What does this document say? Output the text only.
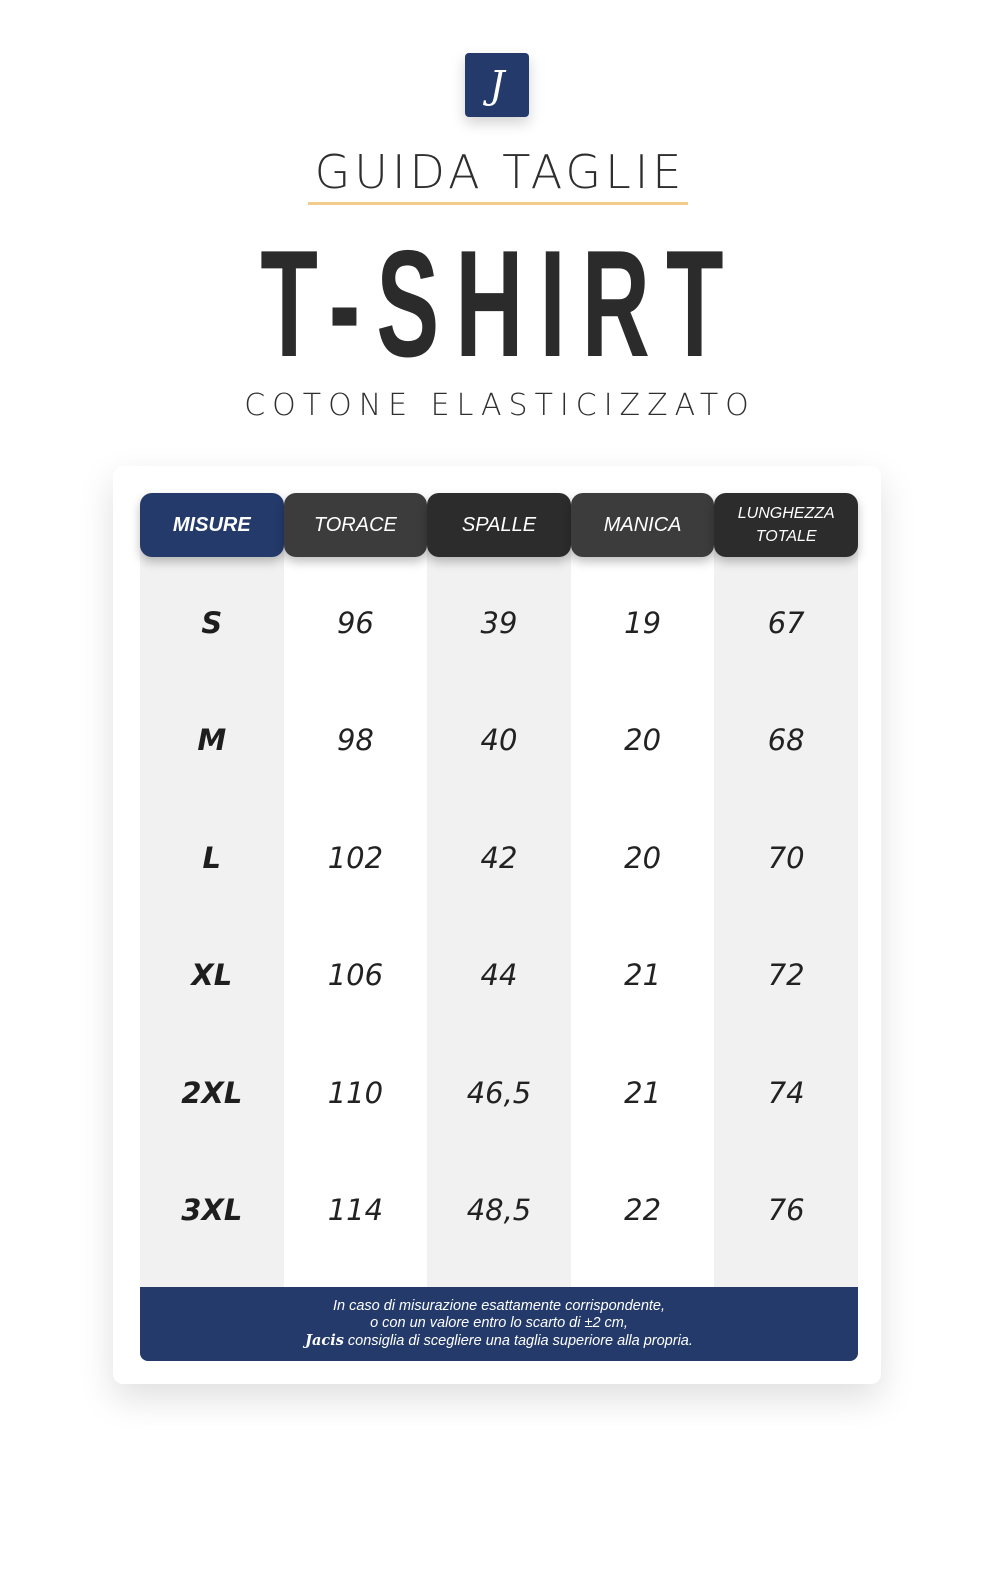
J
GUIDA TAGLIE
T-SHIRT
COTONE ELASTICIZZATO
MISURE	TORACE	SPALLE	MANICA	LUNGHEZZA
TOTALE
S	96	39	19	67
M	98	40	20	68
L	102	42	20	70
XL	106	44	21	72
2XL	110	46,5	21	74
3XL	114	48,5	22	76
In caso di misurazione esattamente corrispondente,
o con un valore entro lo scarto di ±2 cm,
Jacis consiglia di scegliere una taglia superiore alla propria.
